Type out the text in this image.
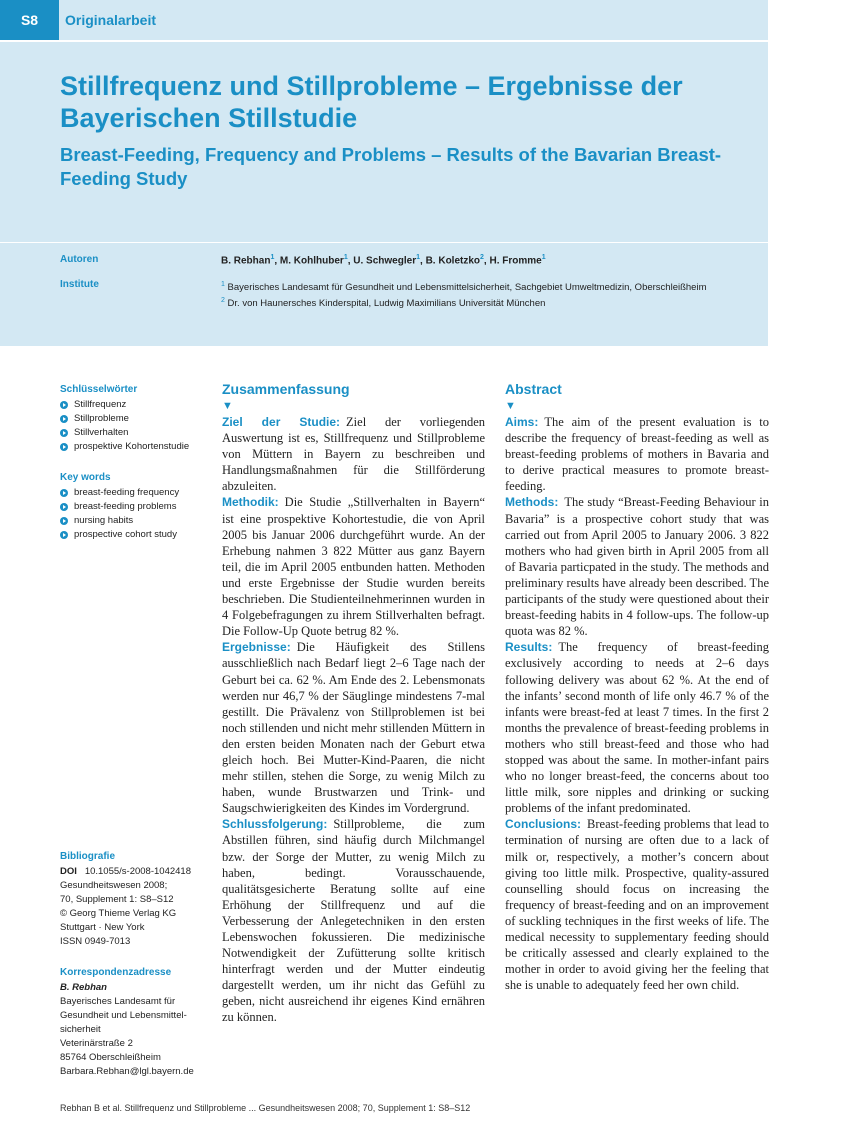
S8	Originalarbeit
Stillfrequenz und Stillprobleme – Ergebnisse der Bayerischen Stillstudie
Breast-Feeding, Frequency and Problems – Results of the Bavarian Breast-Feeding Study
Autoren	B. Rebhan$^1$, M. Kohlhuber$^1$, U. Schwegler$^1$, B. Koletzko$^2$, H. Fromme$^1$
Institute	$^1$ Bayerisches Landesamt für Gesundheit und Lebensmittelsicherheit, Sachgebiet Umweltmedizin, Oberschleißheim
$^2$ Dr. von Haunersches Kinderspital, Ludwig Maximilians Universität München
Schlüsselwörter
Stillfrequenz
Stillprobleme
Stillverhalten
prospektive Kohortenstudie
Key words
breast-feeding frequency
breast-feeding problems
nursing habits
prospective cohort study
Bibliografie
DOI 10.1055/s-2008-1042418
Gesundheitswesen 2008;
70, Supplement 1: S8–S12
© Georg Thieme Verlag KG
Stuttgart · New York
ISSN 0949-7013
Korrespondenzadresse
B. Rebhan
Bayerisches Landesamt für
Gesundheit und Lebensmittel-
sicherheit
Veterinärstraße 2
85764 Oberschleißheim
Barbara.Rebhan@lgl.bayern.de
Zusammenfassung
▼

Ziel der Studie: Ziel der vorliegenden Auswertung ist es, Stillfrequenz und Stillprobleme von Müttern in Bayern zu beschreiben und Handlungsmaßnahmen für die Stillförderung abzuleiten.

Methodik: Die Studie „Stillverhalten in Bayern“ ist eine prospektive Kohortestudie, die von April 2005 bis Januar 2006 durchgeführt wurde. An der Erhebung nahmen 3 822 Mütter aus ganz Bayern teil, die im April 2005 entbunden hatten. Methoden und erste Ergebnisse der Studie wurden bereits beschrieben. Die Studienteilnehmerinnen wurden in 4 Folgebefragungen zu ihrem Stillverhalten befragt. Die Follow-Up Quote betrug 82 %.

Ergebnisse: Die Häufigkeit des Stillens ausschließlich nach Bedarf liegt 2–6 Tage nach der Geburt bei ca. 62 %. Am Ende des 2. Lebensmonats werden nur 46,7 % der Säuglinge mindestens 7-mal gestillt. Die Prävalenz von Stillproblemen ist bei noch stillenden und nicht mehr stillenden Müttern in den ersten beiden Monaten nach der Geburt etwa gleich hoch. Bei Mutter-Kind-Paaren, die nicht mehr stillen, stehen die Sorge, zu wenig Milch zu haben, wunde Brustwarzen und Trink- und Saugschwierigkeiten des Kindes im Vordergrund.

Schlussfolgerung: Stillprobleme, die zum Abstillen führen, sind häufig durch Milchmangel bzw. der Sorge der Mutter, zu wenig Milch zu haben, bedingt. Vorausschauende, qualitätsgesicherte Beratung sollte auf eine Erhöhung der Stillfrequenz und auf die Verbesserung der Anlegetechniken in den ersten Lebenswochen fokussieren. Die medizinische Notwendigkeit der Zufütterung sollte kritisch hinterfragt werden und der Mutter eindeutig dargestellt werden, um ihr nicht das Gefühl zu geben, nicht ausreichend ihr eigenes Kind ernähren zu können.

Abstract
▼

Aims: The aim of the present evaluation is to describe the frequency of breast-feeding as well as breast-feeding problems of mothers in Bavaria and to derive practical measures to promote breast-feeding.

Methods: The study “Breast-Feeding Behaviour in Bavaria” is a prospective cohort study that was carried out from April 2005 to January 2006. 3 822 mothers who had given birth in April 2005 from all of Bavaria particpated in the study. The methods and preliminary results have already been described. The participants of the study were questioned about their breast-feeding habits in 4 follow-ups. The follow-up quota was 82 %.

Results: The frequency of breast-feeding exclusively according to needs at 2–6 days following delivery was about 62 %. At the end of the infants’ second month of life only 46.7 % of the infants were breast-fed at least 7 times. In the first 2 months the prevalence of breast-feeding problems in mothers who still breast-feed and those who had stopped was about the same. In mother-infant pairs who no longer breast-feed, the concerns about too little milk, sore nipples and drinking or sucking problems of the infant predominated.

Conclusions: Breast-feeding problems that lead to termination of nursing are often due to a lack of milk or, respectively, a mother’s concern about giving too little milk. Prospective, quality-assured counselling should focus on increasing the frequency of breast-feeding and on an improvement of suckling techniques in the first weeks of life. The medical necessity to supplementary feeding should be critically assessed and clearly explained to the mother in order to avoid giving her the feeling that she is unable to adequately feed her own child.

Rebhan B et al. Stillfrequenz und Stillprobleme ... Gesundheitswesen 2008; 70, Supplement 1: S8–S12
